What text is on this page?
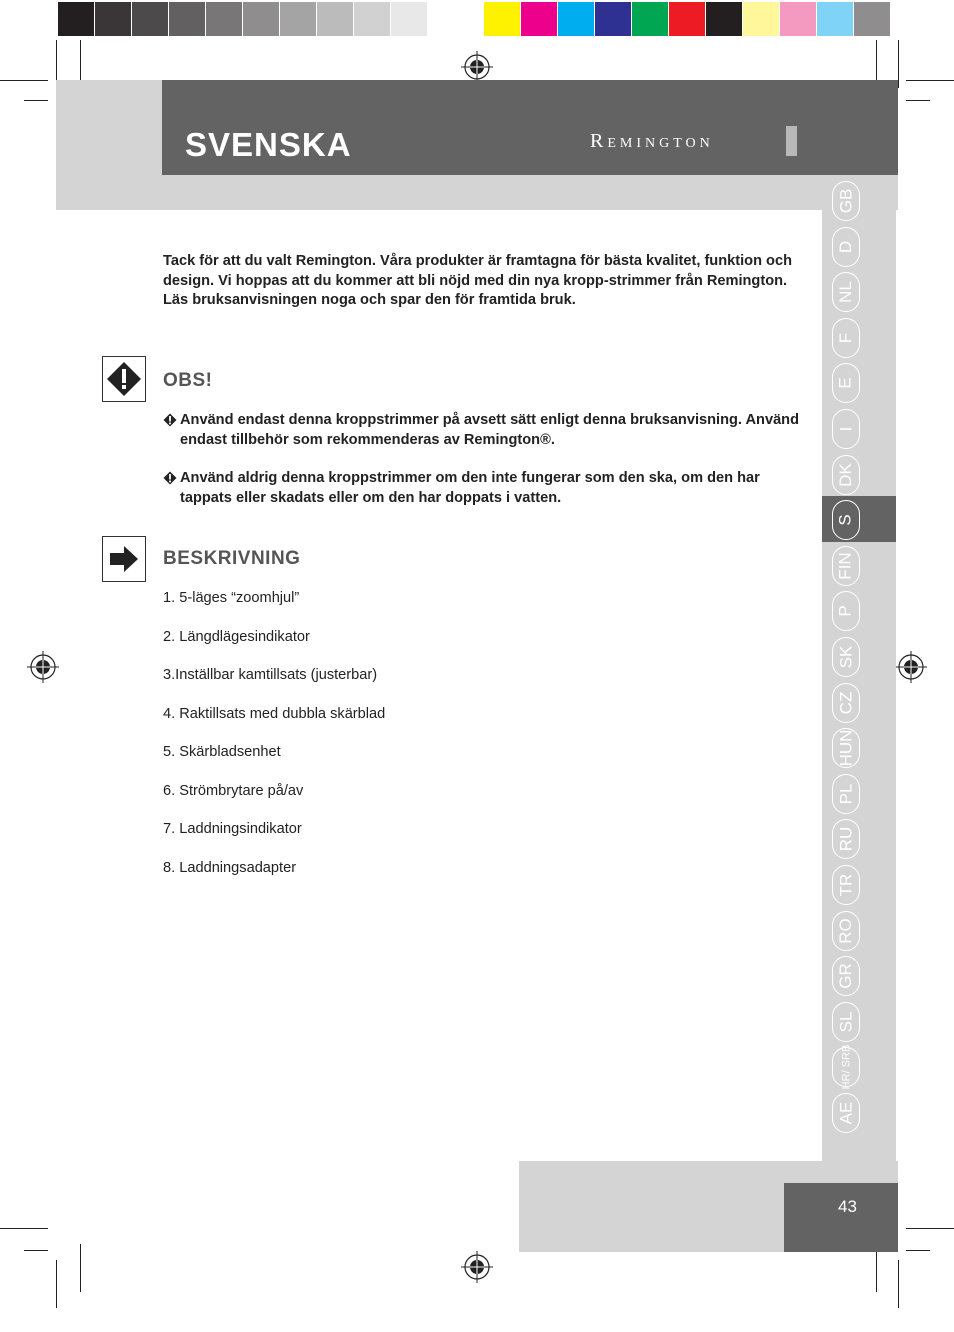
SVENSKA	Remington
GB
D
NL
F
E
I
DK
S
FIN
P
SK
CZ
HUN
PL
RU
TR
RO
GR
SL
HR/ SRB
AE
43
Tack för att du valt Remington. Våra produkter är framtagna för bästa kvalitet, funktion och design. Vi hoppas att du kommer att bli nöjd med din nya kropp-strimmer från Remington. Läs bruksanvisningen noga och spar den för framtida bruk.
OBS!
Använd endast denna kroppstrimmer på avsett sätt enligt denna bruksanvisning. Använd endast tillbehör som rekommenderas av Remington®.
Använd aldrig denna kroppstrimmer om den inte fungerar som den ska, om den har tappats eller skadats eller om den har doppats i vatten.
BESKRIVNING
1. 5-läges “zoomhjul”
2. Längdlägesindikator
3.Inställbar kamtillsats (justerbar)
4. Raktillsats med dubbla skärblad
5. Skärbladsenhet
6. Strömbrytare på/av
7. Laddningsindikator
8. Laddningsadapter
